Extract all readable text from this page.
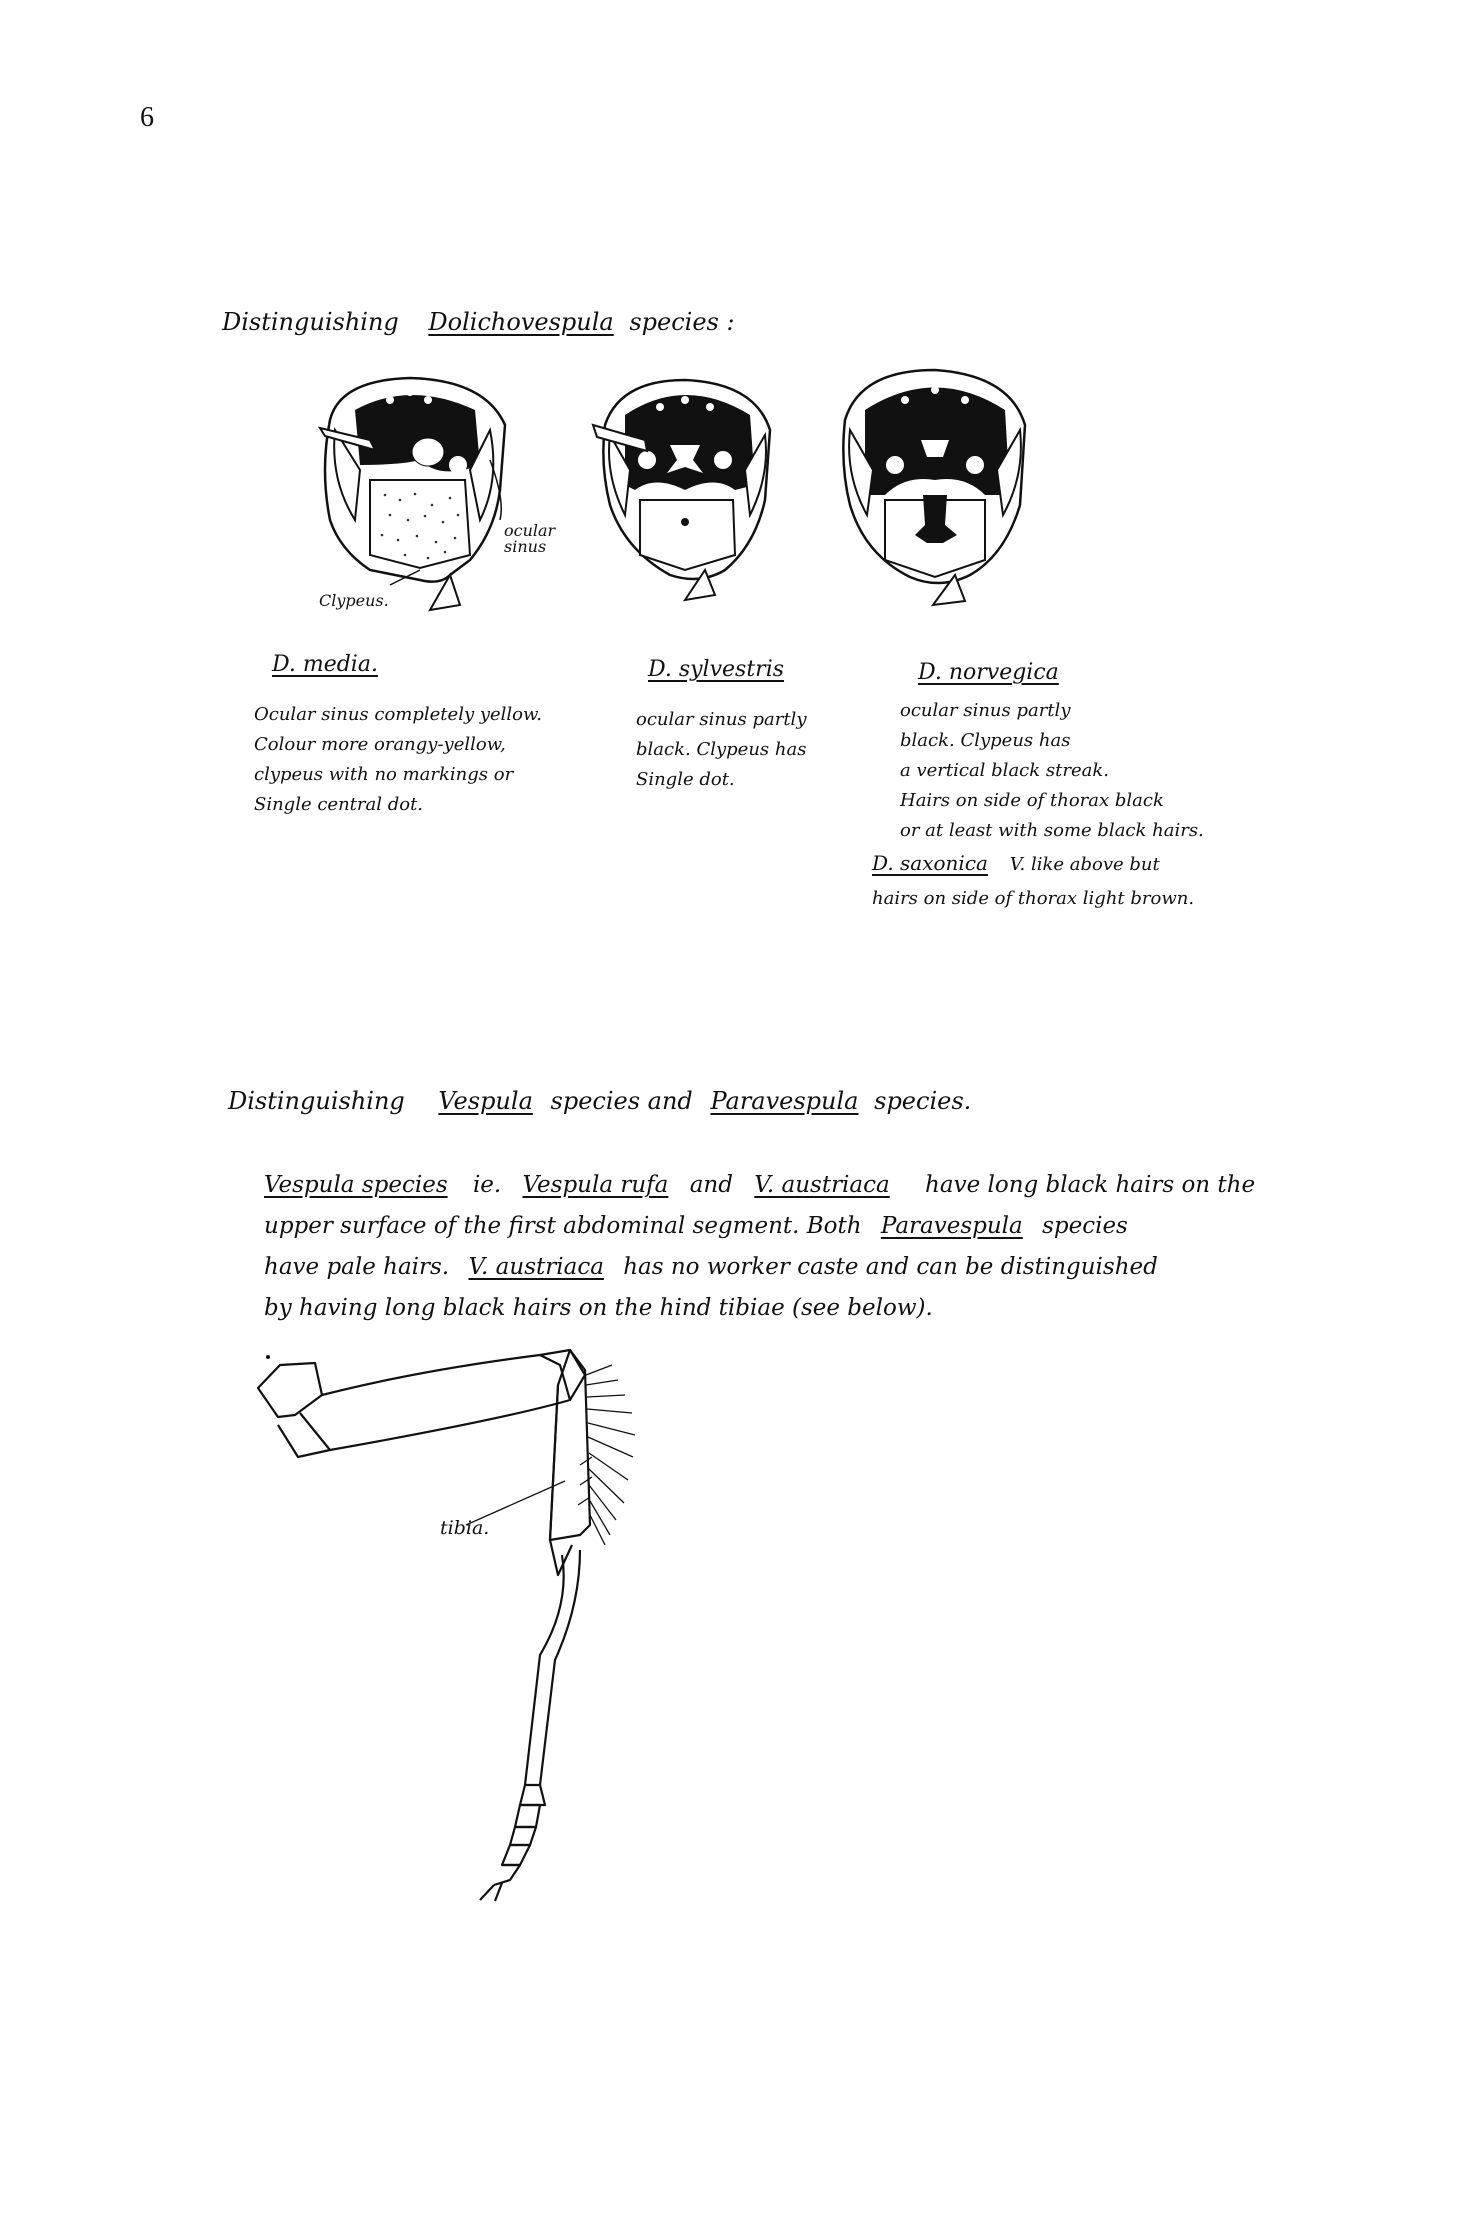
6
Distinguishing Dolichovespula species :
ocular
sinus
Clypeus.
D. media.
Ocular sinus completely yellow.
Colour more orangy-yellow,
clypeus with no markings or
Single central dot.
D. sylvestris
ocular sinus partly
black. Clypeus has
Single dot.
D. norvegica
ocular sinus partly
black. Clypeus has
a vertical black streak.
Hairs on side of thorax black
or at least with some black hairs.
D. saxonica V. like above but
hairs on side of thorax light brown.
Distinguishing Vespula species and Paravespula species.
Vespula species ie. Vespula rufa and V. austriaca have long black hairs on the
upper surface of the first abdominal segment. Both Paravespula species
have pale hairs. V. austriaca has no worker caste and can be distinguished
by having long black hairs on the hind tibiae (see below).
tibia.
